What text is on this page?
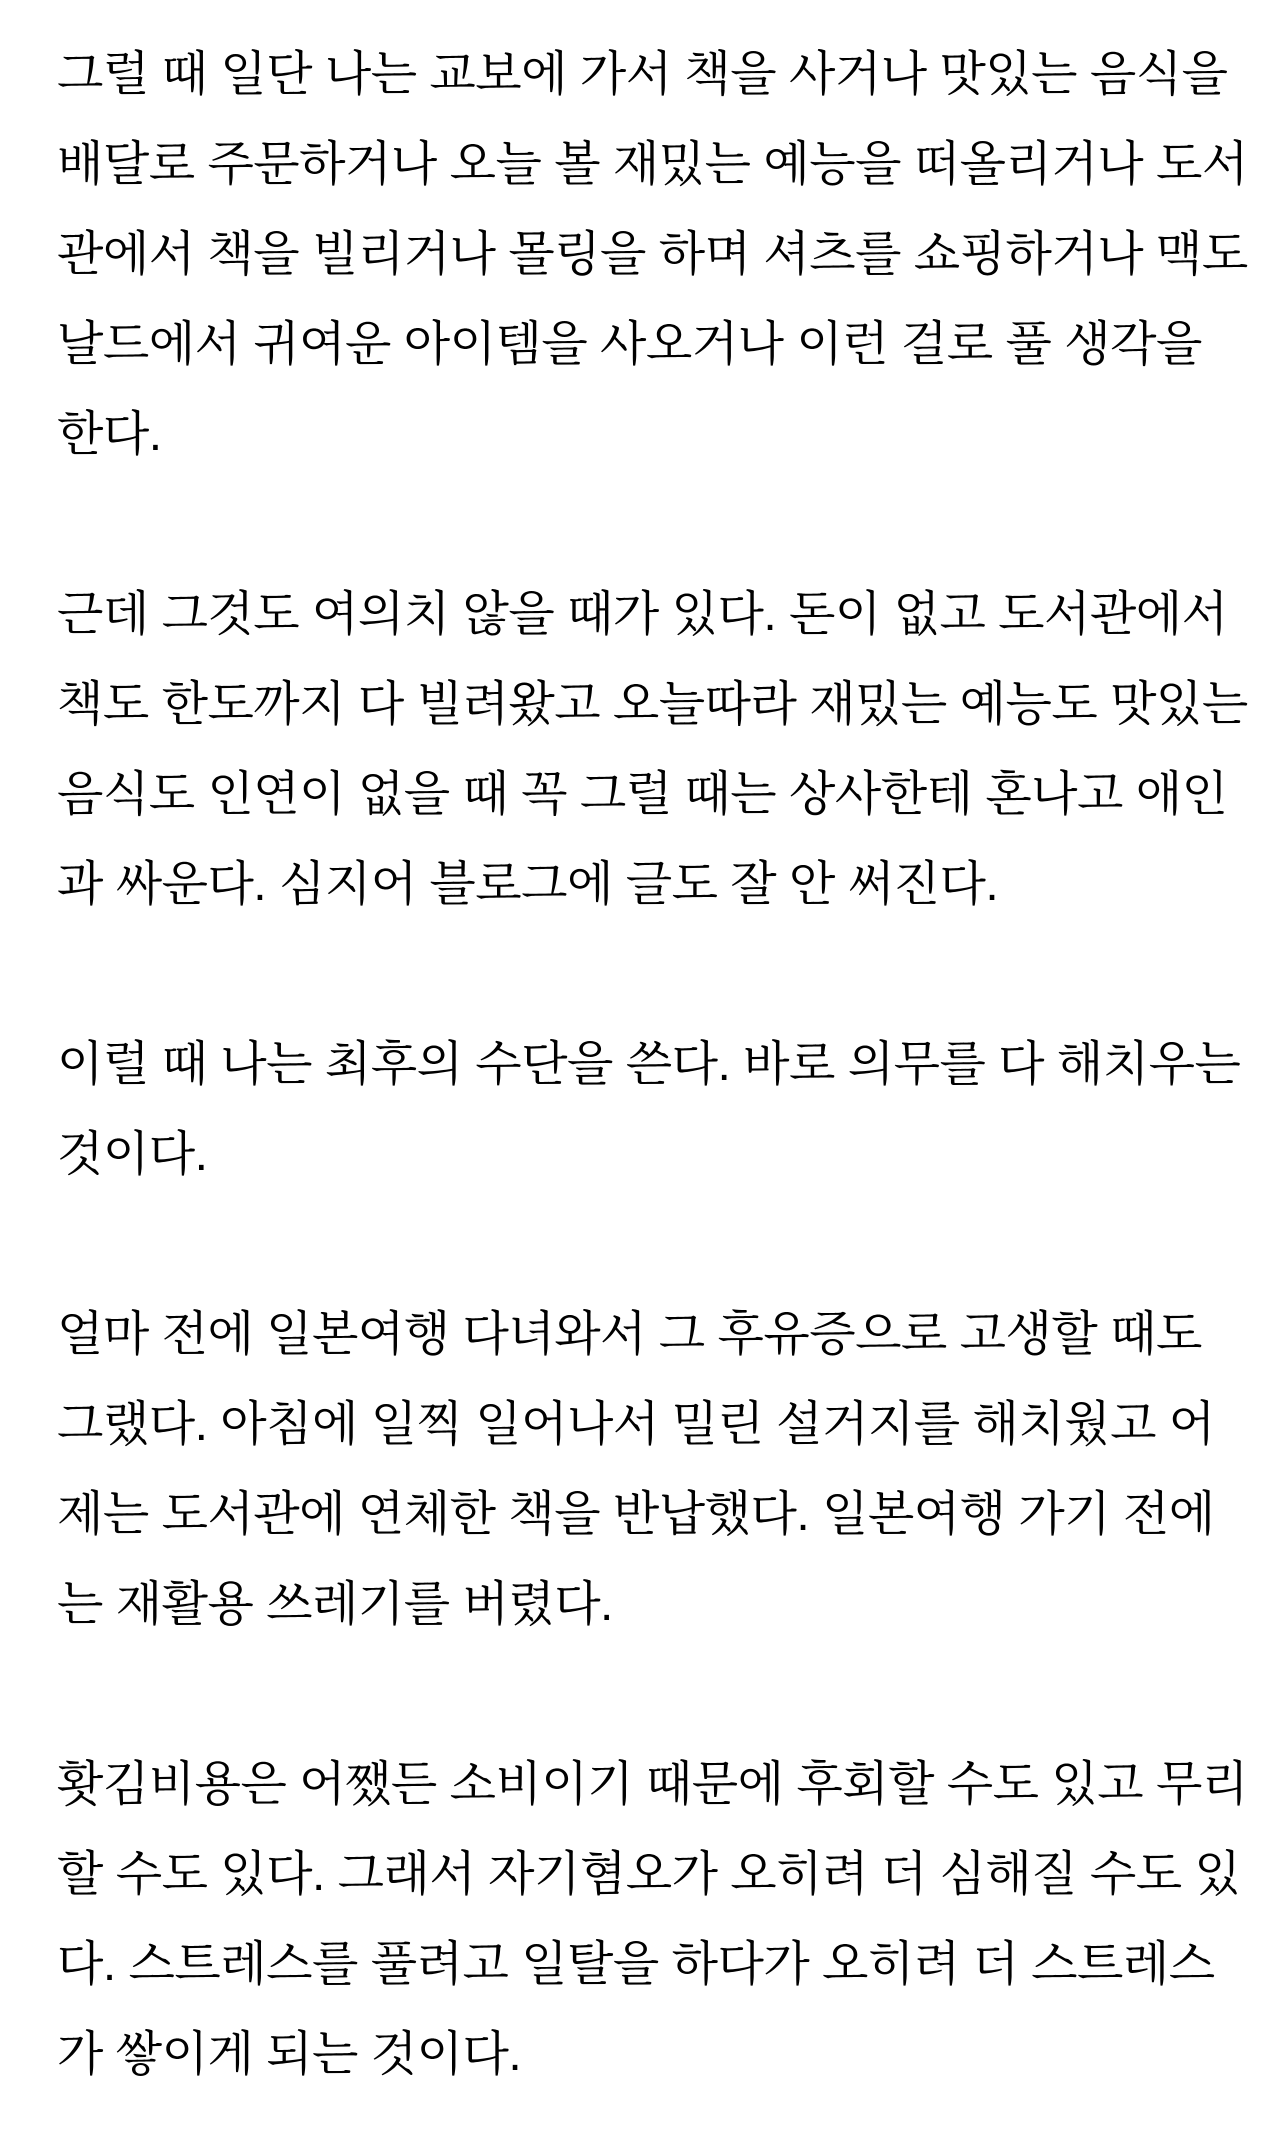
그럴 때 일단 나는 교보에 가서 책을 사거나 맛있는 음식을
배달로 주문하거나 오늘 볼 재밌는 예능을 떠올리거나 도서
관에서 책을 빌리거나 몰링을 하며 셔츠를 쇼핑하거나 맥도
날드에서 귀여운 아이템을 사오거나 이런 걸로 풀 생각을
한다.
근데 그것도 여의치 않을 때가 있다. 돈이 없고 도서관에서
책도 한도까지 다 빌려왔고 오늘따라 재밌는 예능도 맛있는
음식도 인연이 없을 때 꼭 그럴 때는 상사한테 혼나고 애인
과 싸운다. 심지어 블로그에 글도 잘 안 써진다.
이럴 때 나는 최후의 수단을 쓴다. 바로 의무를 다 해치우는
것이다.
얼마 전에 일본여행 다녀와서 그 후유증으로 고생할 때도
그랬다. 아침에 일찍 일어나서 밀린 설거지를 해치웠고 어
제는 도서관에 연체한 책을 반납했다. 일본여행 가기 전에
는 재활용 쓰레기를 버렸다.
홧김비용은 어쨌든 소비이기 때문에 후회할 수도 있고 무리
할 수도 있다. 그래서 자기혐오가 오히려 더 심해질 수도 있
다. 스트레스를 풀려고 일탈을 하다가 오히려 더 스트레스
가 쌓이게 되는 것이다.
